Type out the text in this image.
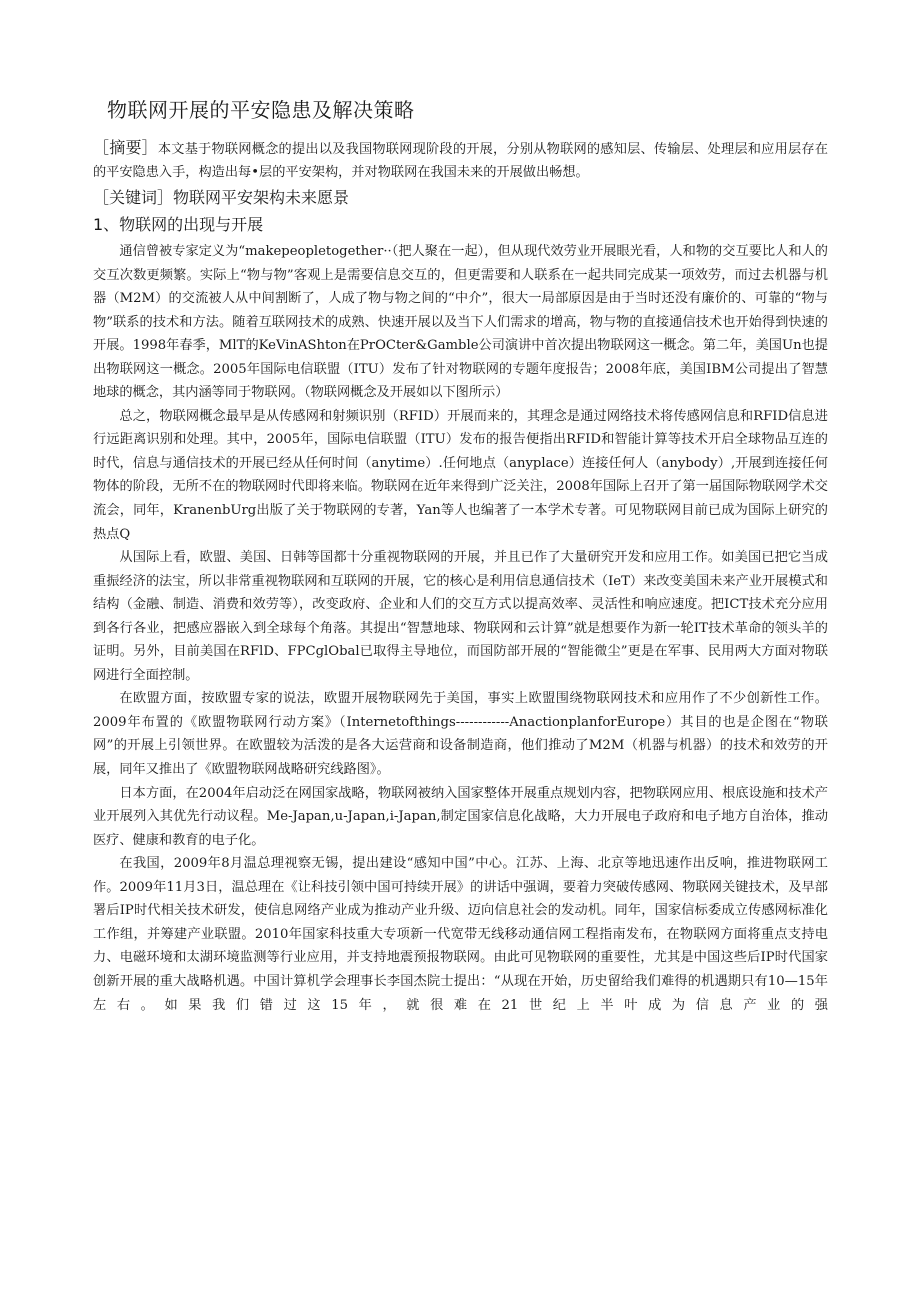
物联网开展的平安隐患及解决策略

［摘要］本文基于物联网概念的提出以及我国物联网现阶段的开展，分别从物联网的感知层、传输层、处理层和应用层存在的平安隐患入手，构造出每•层的平安架构，并对物联网在我国未来的开展做出畅想。

［关键词］物联网平安架构未来愿景
1、物联网的出现与开展

通信曾被专家定义为“makepeopletogether··（把人聚在一起），但从现代效劳业开展眼光看，人和物的交互要比人和人的交互次数更频繁。实际上“物与物”客观上是需要信息交互的，但更需要和人联系在一起共同完成某一项效劳，而过去机器与机器（M2M）的交流被人从中间割断了，人成了物与物之间的“中介”，很大一局部原因是由于当时还没有廉价的、可靠的“物与物”联系的技术和方法。随着互联网技术的成熟、快速开展以及当下人们需求的增高，物与物的直接通信技术也开始得到快速的开展。1998年春季，MlT的KeVinAShton在PrOCter&Gamble公司演讲中首次提出物联网这一概念。第二年，美国Un也提出物联网这一概念。2005年国际电信联盟（ITU）发布了针对物联网的专题年度报告；2008年底，美国IBM公司提出了智慧地球的概念，其内涵等同于物联网。（物联网概念及开展如以下图所示）

总之，物联网概念最早是从传感网和射频识别（RFID）开展而来的，其理念是通过网络技术将传感网信息和RFID信息进行远距离识别和处理。其中，2005年，国际电信联盟（ITU）发布的报告便指出RFID和智能计算等技术开启全球物品互连的时代，信息与通信技术的开展已经从任何时间（anytime）.任何地点（anyplace）连接任何人（anybody）,开展到连接任何物体的阶段，无所不在的物联网时代即将来临。物联网在近年来得到广泛关注，2008年国际上召开了第一届国际物联网学术交流会，同年，KranenbUrg出版了关于物联网的专著，Yan等人也编著了一本学术专著。可见物联网目前已成为国际上研究的热点Q

从国际上看，欧盟、美国、日韩等国都十分重视物联网的开展，并且已作了大量研究开发和应用工作。如美国已把它当成重振经济的法宝，所以非常重视物联网和互联网的开展，它的核心是利用信息通信技术（IeT）来改变美国未来产业开展模式和结构（金融、制造、消费和效劳等），改变政府、企业和人们的交互方式以提高效率、灵活性和响应速度。把ICT技术充分应用到各行各业，把感应器嵌入到全球每个角落。其提出“智慧地球、物联网和云计算”就是想要作为新一轮IT技术革命的领头羊的证明。另外，目前美国在RFlD、FPCglObal已取得主导地位，而国防部开展的“智能微尘”更是在军事、民用两大方面对物联网进行全面控制。

在欧盟方面，按欧盟专家的说法，欧盟开展物联网先于美国，事实上欧盟围绕物联网技术和应用作了不少创新性工作。2009年布置的《欧盟物联网行动方案》（Internetofthings------------AnactionplanforEurope）其目的也是企图在“物联网”的开展上引领世界。在欧盟较为活泼的是各大运营商和设备制造商，他们推动了M2M（机器与机器）的技术和效劳的开展，同年又推出了《欧盟物联网战略研究线路图》。

日本方面，在2004年启动泛在网国家战略，物联网被纳入国家整体开展重点规划内容，把物联网应用、根底设施和技术产业开展列入其优先行动议程。Me-Japan,u-Japan,i-Japan,制定国家信息化战略，大力开展电子政府和电子地方自治体，推动医疗、健康和教育的电子化。

在我国，2009年8月温总理视察无锡，提出建设“感知中国”中心。江苏、上海、北京等地迅速作出反响，推进物联网工作。2009年11月3日，温总理在《让科技引领中国可持续开展》的讲话中强调，要着力突破传感网、物联网关键技术，及早部署后IP时代相关技术研发，使信息网络产业成为推动产业升级、迈向信息社会的发动机。同年，国家信标委成立传感网标准化工作组，并筹建产业联盟。2010年国家科技重大专项新一代宽带无线移动通信网工程指南发布，在物联网方面将重点支持电力、电磁环境和太湖环境监测等行业应用，并支持地震预报物联网。由此可见物联网的重要性，尤其是中国这些后IP时代国家创新开展的重大战略机遇。中国计算机学会理事长李国杰院士提出：“从现在开始，历史留给我们难得的机遇期只有10—15年左右。如果我们错过这15年，就很难在21世纪上半叶成为信息产业的强
